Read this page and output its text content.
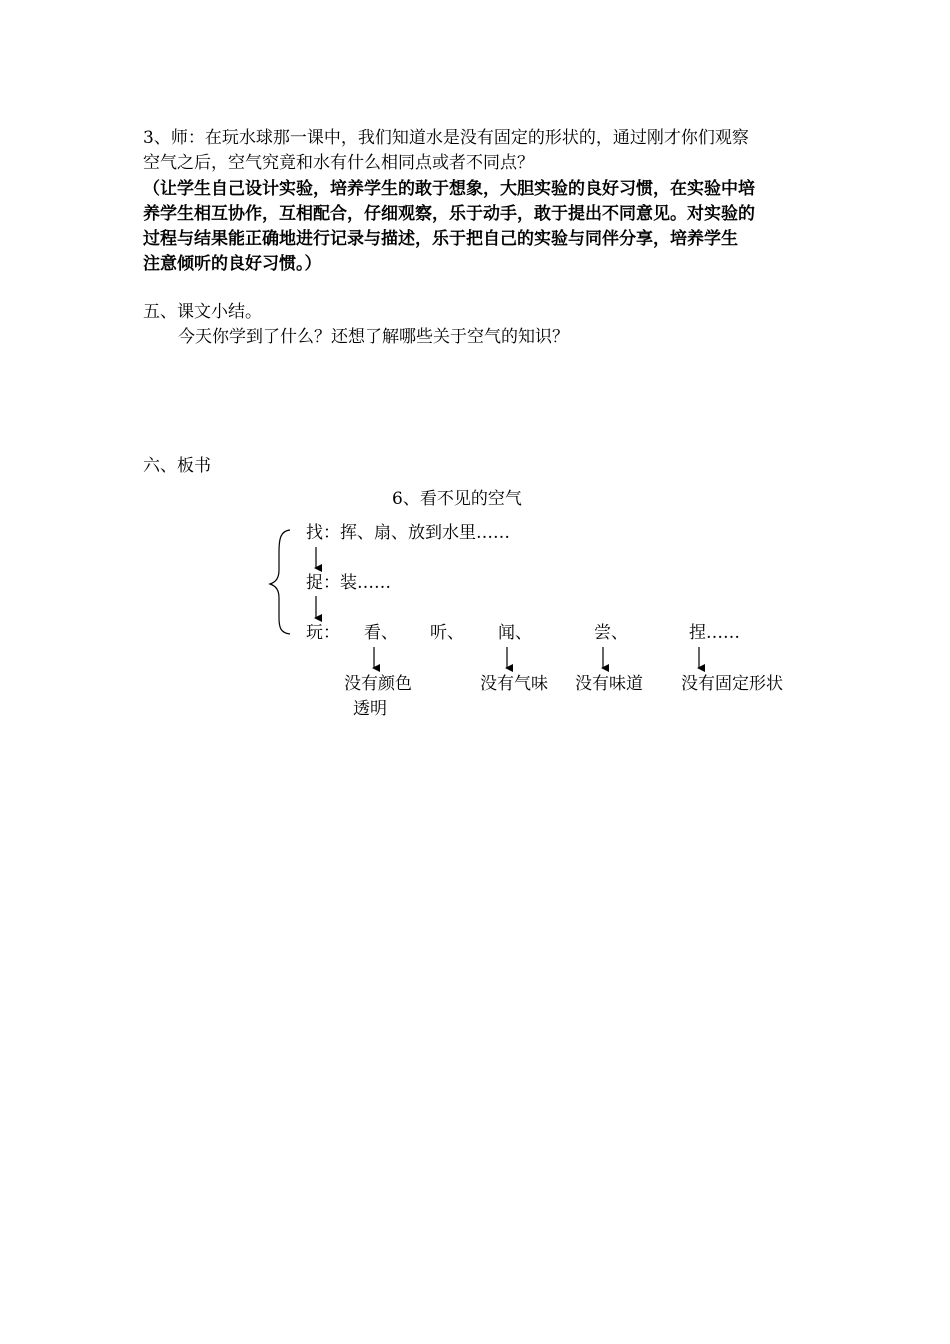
3、师：在玩水球那一课中，我们知道水是没有固定的形状的，通过刚才你们观察
空气之后，空气究竟和水有什么相同点或者不同点？
（让学生自己设计实验，培养学生的敢于想象，大胆实验的良好习惯，在实验中培
养学生相互协作，互相配合，仔细观察，乐于动手，敢于提出不同意见。对实验的
过程与结果能正确地进行记录与描述，乐于把自己的实验与同伴分享，培养学生
注意倾听的良好习惯。）
五、课文小结。
今天你学到了什么？还想了解哪些关于空气的知识？
六、板书
6、看不见的空气
找：挥、扇、放到水里……
捉：装……
玩： 看、 听、 闻、	尝、	捏……
没有颜色
透明
没有气味 没有味道 没有固定形状
